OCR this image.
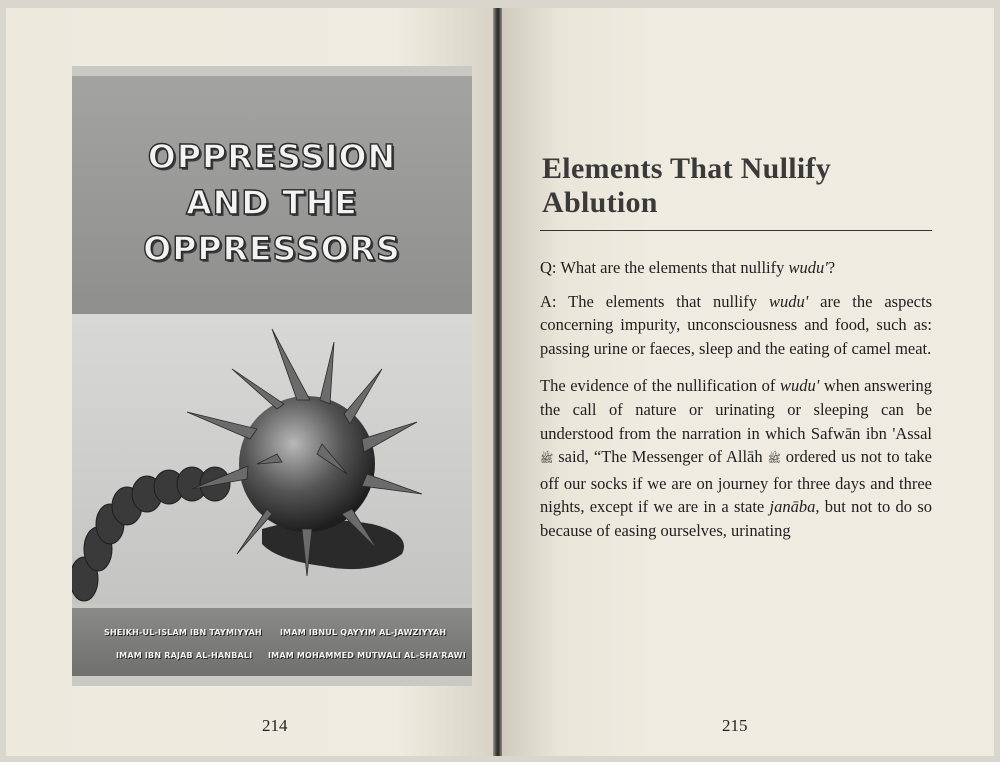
OPPRESSION
AND THE OPPRESSORS
SHEIKH-UL-ISLAM IBN TAYMIYYAH IMAM IBNUL QAYYIM AL-JAWZIYYAH
IMAM IBN RAJAB AL-HANBALI IMAM MOHAMMED MUTWALI AL-SHA'RAWI
214
Elements That Nullify Ablution

Q: What are the elements that nullify wudu'?

A: The elements that nullify wudu' are the aspects concerning impurity, unconsciousness and food, such as: passing urine or faeces, sleep and the eating of camel meat.

The evidence of the nullification of wudu' when answering the call of nature or urinating or sleeping can be understood from the narration in which Safwān ibn 'Assal ﷺ said, “The Messenger of Allāh ﷺ ordered us not to take off our socks if we are on journey for three days and three nights, except if we are in a state janāba, but not to do so because of easing ourselves, urinating

215
